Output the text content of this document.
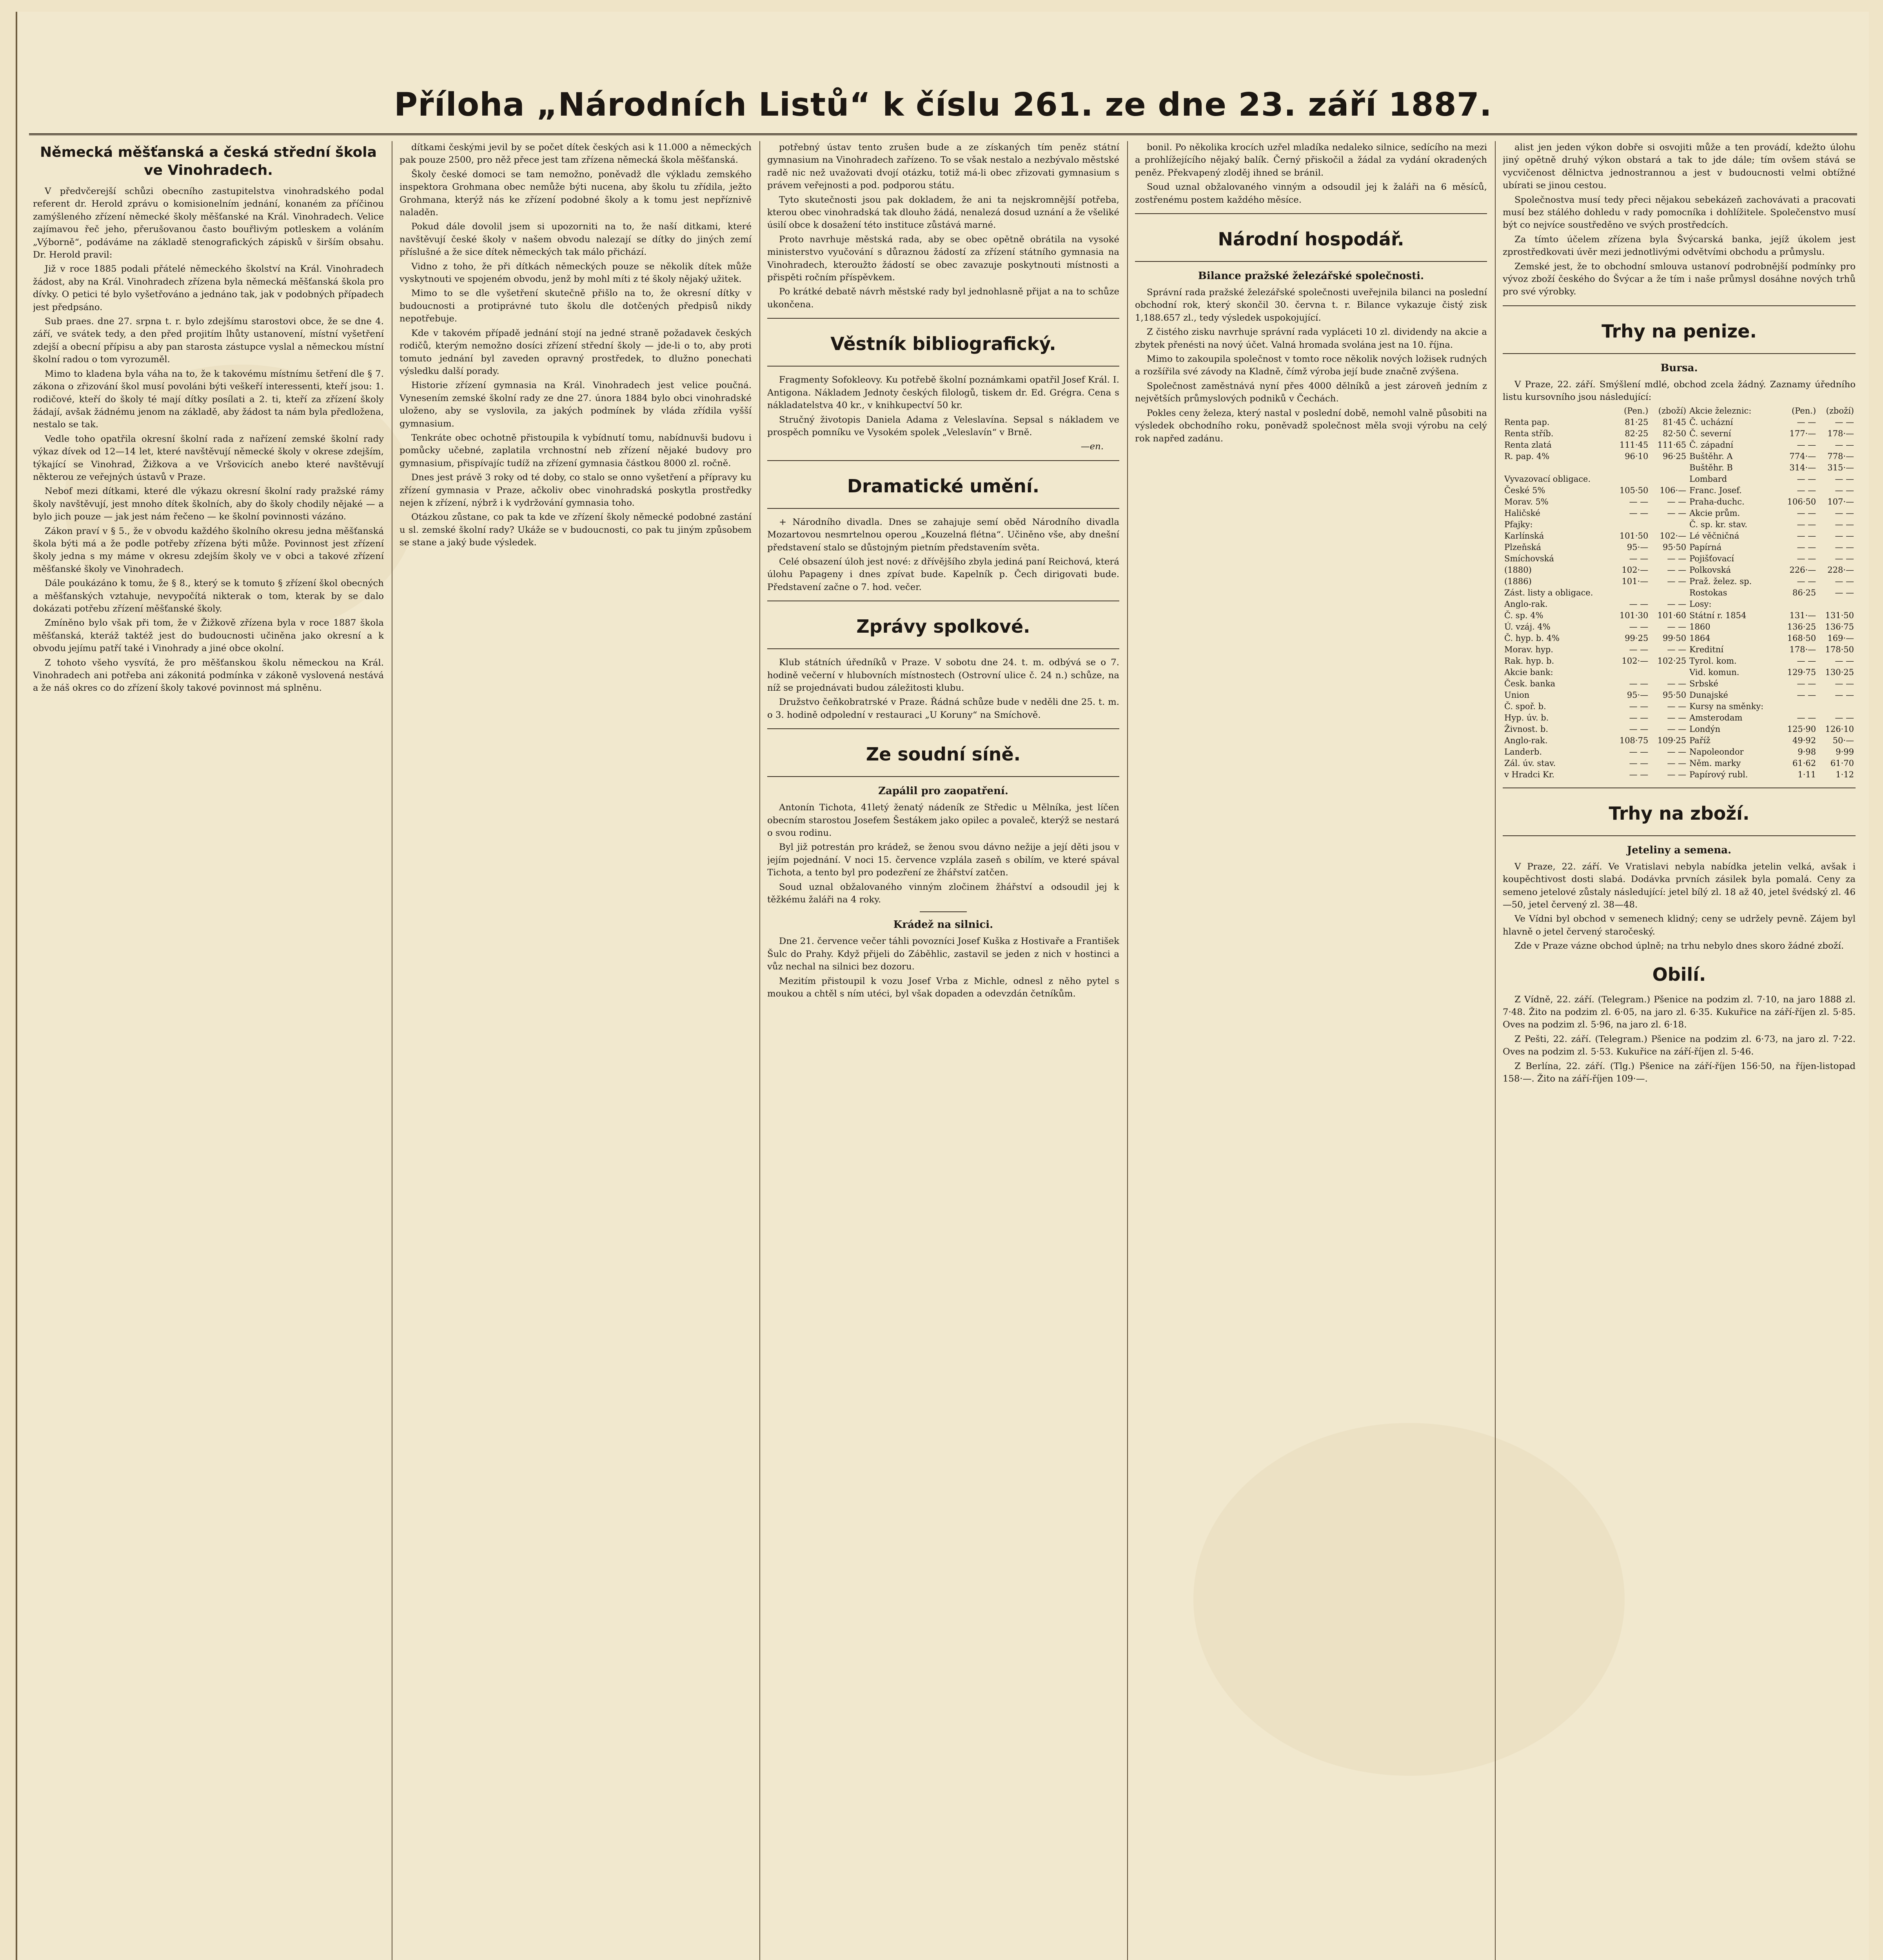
Příloha „Národních Listů“ k číslu 261. ze dne 23. září 1887.
Německá měšťanská a česká střední škola ve Vinohradech.

V předvčerejší schůzi obecního zastupitelstva vinohradského podal referent dr. Herold zprávu o komisionelním jednání, konaném za příčinou zamýšleného zřízení německé školy měšťanské na Král. Vinohradech. Velice zajímavou řeč jeho, přerušovanou často bouřlivým potleskem a voláním „Výborně“, podáváme na základě stenografických zápisků v širším obsahu. Dr. Herold pravil:

Již v roce 1885 podali přátelé německého školství na Král. Vinohradech žádost, aby na Král. Vinohradech zřízena byla německá měšťanská škola pro dívky. O petici té bylo vyšetřováno a jednáno tak, jak v podobných případech jest předpsáno.

Sub praes. dne 27. srpna t. r. bylo zdejšímu starostovi obce, že se dne 4. září, ve svátek tedy, a den před projitím lhůty ustanovení, místní vyšetření zdejší a obecní přípisu a aby pan starosta zástupce vyslal a německou místní školní radou o tom vyrozuměl.

Mimo to kladena byla váha na to, že k takovému místnímu šetření dle § 7. zákona o zřizování škol musí povoláni býti veškeří interessenti, kteří jsou: 1. rodičové, kteří do školy té mají dítky posílati a 2. ti, kteří za zřízení školy žádají, avšak žádnému jenom na základě, aby žádost ta nám byla předložena, nestalo se tak.

Vedle toho opatřila okresní školní rada z nařízení zemské školní rady výkaz dívek od 12—14 let, které navštěvují německé školy v okrese zdejším, týkající se Vinohrad, Žižkova a ve Vršovicích anebo které navštěvují některou ze veřejných ústavů v Praze.

Nebof mezi dítkami, které dle výkazu okresní školní rady pražské rámy školy navštěvují, jest mnoho dítek školních, aby do školy chodily nějaké — a bylo jich pouze — jak jest nám řečeno — ke školní povinnosti vázáno.

Zákon praví v § 5., že v obvodu každého školního okresu jedna měšťanská škola býti má a že podle potřeby zřízena býti může. Povinnost jest zřízení školy jedna s my máme v okresu zdejším školy ve v obci a takové zřízení měšťanské školy ve Vinohradech.

Dále poukázáno k tomu, že § 8., který se k tomuto § zřízení škol obecných a měšťanských vztahuje, nevypočítá nikterak o tom, kterak by se dalo dokázati potřebu zřízení měšťanské školy.

Zmíněno bylo však při tom, že v Žižkově zřízena byla v roce 1887 škola měšťanská, kteráž taktéž jest do budoucnosti učiněna jako okresní a k obvodu jejímu patří také i Vinohrady a jiné obce okolní.

Z tohoto všeho vysvítá, že pro měšťanskou školu německou na Král. Vinohradech ani potřeba ani zákonitá podmínka v zákoně vyslovená nestává a že náš okres co do zřízení školy takové povinnost má splněnu.

dítkami českými jevil by se počet dítek českých asi k 11.000 a německých pak pouze 2500, pro něž přece jest tam zřízena německá škola měšťanská.

Školy české domoci se tam nemožno, poněvadž dle výkladu zemského inspektora Grohmana obec nemůže býti nucena, aby školu tu zřídila, ježto Grohmana, kterýž nás ke zřízení podobné školy a k tomu jest nepříznivě naladěn.

Pokud dále dovolil jsem si upozorniti na to, že naší ditkami, které navštěvují české školy v našem obvodu nalezají se dítky do jiných zemí příslušné a že sice dítek německých tak málo přichází.

Vidno z toho, že při dítkách německých pouze se několik dítek může vyskytnouti ve spojeném obvodu, jenž by mohl míti z té školy nějaký užitek.

Mimo to se dle vyšetření skutečně přišlo na to, že okresní dítky v budoucnosti a protiprávné tuto školu dle dotčených předpisů nikdy nepotřebuje.

Kde v takovém případě jednání stojí na jedné straně požadavek českých rodičů, kterým nemožno dosíci zřízení střední školy — jde-li o to, aby proti tomuto jednání byl zaveden opravný prostředek, to dlužno ponechati výsledku další porady.

Historie zřízení gymnasia na Král. Vinohradech jest velice poučná. Vynesením zemské školní rady ze dne 27. února 1884 bylo obci vinohradské uloženo, aby se vyslovila, za jakých podmínek by vláda zřídila vyšší gymnasium.

Tenkráte obec ochotně přistoupila k vybídnutí tomu, nabídnuvši budovu i pomůcky učebné, zaplatila vrchnostní neb zřízení nějaké budovy pro gymnasium, přispívajíc tudíž na zřízení gymnasia částkou 8000 zl. ročně.

Dnes jest právě 3 roky od té doby, co stalo se onno vyšetření a přípravy ku zřízení gymnasia v Praze, ačkoliv obec vinohradská poskytla prostředky nejen k zřízení, nýbrž i k vydržování gymnasia toho.

Otázkou zůstane, co pak ta kde ve zřízení školy německé podobné zastání u sl. zemské školní rady? Ukáže se v budoucnosti, co pak tu jiným způsobem se stane a jaký bude výsledek.

potřebný ústav tento zrušen bude a ze získaných tím peněz státní gymnasium na Vinohradech zařízeno. To se však nestalo a nezbývalo městské radě nic než uvažovati dvojí otázku, totiž má-li obec zřizovati gymnasium s právem veřejnosti a pod. podporou státu.

Tyto skutečnosti jsou pak dokladem, že ani ta nejskromnější potřeba, kterou obec vinohradská tak dlouho žádá, nenalezá dosud uznání a že všeliké úsilí obce k dosažení této instituce zůstává marné.

Proto navrhuje městská rada, aby se obec opětně obrátila na vysoké ministerstvo vyučování s důraznou žádostí za zřízení státního gymnasia na Vinohradech, kteroužto žádostí se obec zavazuje poskytnouti místnosti a přispěti ročním příspěvkem.

Po krátké debatě návrh městské rady byl jednohlasně přijat a na to schůze ukončena.

Věstník bibliografický.

Fragmenty Sofokleovy. Ku potřebě školní poznámkami opatřil Josef Král. I. Antigona. Nákladem Jednoty českých filologů, tiskem dr. Ed. Grégra. Cena s nákladatelstva 40 kr., v knihkupectví 50 kr.

Stručný životopis Daniela Adama z Veleslavína. Sepsal s nákladem ve prospěch pomníku ve Vysokém spolek „Veleslavín“ v Brně.

—en.
Dramatické umění.

+ Národního divadla. Dnes se zahajuje semí oběd Národního divadla Mozartovou nesmrtelnou operou „Kouzelná flétna“. Učiněno vše, aby dnešní představení stalo se důstojným pietním představením světa.

Celé obsazení úloh jest nové: z dřívějšího zbyla jediná paní Reichová, která úlohu Papageny i dnes zpívat bude. Kapelník p. Čech dirigovati bude. Představení začne o 7. hod. večer.

Zprávy spolkové.

Klub státních úředníků v Praze. V sobotu dne 24. t. m. odbývá se o 7. hodině večerní v hlubovních místnostech (Ostrovní ulice č. 24 n.) schůze, na níž se projednávati budou záležitosti klubu.

Družstvo čeňkobratrské v Praze. Řádná schůze bude v neděli dne 25. t. m. o 3. hodině odpolední v restauraci „U Koruny“ na Smíchově.

Ze soudní síně.
Zapálil pro zaopatření.

Antonín Tichota, 41letý ženatý nádeník ze Středic u Mělníka, jest líčen obecním starostou Josefem Šestákem jako opilec a povaleč, kterýž se nestará o svou rodinu.

Byl již potrestán pro krádež, se ženou svou dávno nežije a její děti jsou v jejím pojednání. V noci 15. července vzplála zaseň s obilím, ve které spával Tichota, a tento byl pro podezření ze žhářství zatčen.

Soud uznal obžalovaného vinným zločinem žhářství a odsoudil jej k těžkému žaláři na 4 roky.

Krádež na silnici.

Dne 21. července večer táhli povozníci Josef Kuška z Hostivaře a František Šulc do Prahy. Když přijeli do Záběhlic, zastavil se jeden z nich v hostinci a vůz nechal na silnici bez dozoru.

Mezitím přistoupil k vozu Josef Vrba z Michle, odnesl z něho pytel s moukou a chtěl s ním utéci, byl však dopaden a odevzdán četníkům.

bonil. Po několika krocích uzřel mladíka nedaleko silnice, sedícího na mezi a prohlížejícího nějaký balík. Černý přiskočil a žádal za vydání okradených peněz. Překvapený zloděj ihned se bránil.

Soud uznal obžalovaného vinným a odsoudil jej k žaláři na 6 měsíců, zostřenému postem každého měsíce.

Národní hospodář.
Bilance pražské železářské společnosti.

Správní rada pražské železářské společnosti uveřejnila bilanci na poslední obchodní rok, který skončil 30. června t. r. Bilance vykazuje čistý zisk 1,188.657 zl., tedy výsledek uspokojující.

Z čistého zisku navrhuje správní rada vypláceti 10 zl. dividendy na akcie a zbytek přenésti na nový účet. Valná hromada svolána jest na 10. října.

Mimo to zakoupila společnost v tomto roce několik nových ložisek rudných a rozšířila své závody na Kladně, čímž výroba její bude značně zvýšena.

Společnost zaměstnává nyní přes 4000 dělníků a jest zároveň jedním z největších průmyslových podniků v Čechách.

Pokles ceny železa, který nastal v poslední době, nemohl valně působiti na výsledek obchodního roku, poněvadž společnost měla svoji výrobu na celý rok napřed zadánu.

alist jen jeden výkon dobře si osvojiti může a ten provádí, kdežto úlohu jiný opětně druhý výkon obstará a tak to jde dále; tím ovšem stává se vycvičenost dělnictva jednostrannou a jest v budoucnosti velmi obtížné ubírati se jinou cestou.

Společnostva musí tedy přeci nějakou sebekázeň zachovávati a pracovati musí bez stálého dohledu v rady pomocníka i dohlížitele. Společenstvo musí být co nejvíce soustředěno ve svých prostředcích.

Za tímto účelem zřízena byla Švýcarská banka, jejíž úkolem jest zprostředkovati úvěr mezi jednotlivými odvětvími obchodu a průmyslu.

Zemské jest, že to obchodní smlouva ustanoví podrobnější podmínky pro vývoz zboží českého do Švýcar a že tím i naše průmysl dosáhne nových trhů pro své výrobky.

Trhy na penize.
Bursa.

V Praze, 22. září. Smýšlení mdlé, obchod zcela žádný. Zaznamy úředního listu kursovního jsou následující:

	(Pen.)	(zboží)	Akcie železnic:	(Pen.)	(zboží)
Renta pap.	81·25	81·45	Č. ucházní	— —	— —
Renta stříb.	82·25	82·50	Č. severní	177·—	178·—
Renta zlatá	111·45	111·65	Č. západní	— —	— —
R. pap. 4%	96·10	96·25	Buštěhr. A	774·—	778·—
			Buštěhr. B	314·—	315·—
Vyvazovací obligace.			Lombard	— —	— —
České 5%	105·50	106·—	Franc. Josef.	— —	— —
Morav. 5%	— —	— —	Praha-duchc.	106·50	107·—
Haličské	— —	— —	Akcie prům.	— —	— —
Pfajky:			Č. sp. kr. stav.	— —	— —
Karlínská	101·50	102·—	Lé věčničná	— —	— —
Plzeňská	95·—	95·50	Papírná	— —	— —
Smíchovská	— —	— —	Pojišťovací	— —	— —
(1880)	102·—	— —	Polkovská	226·—	228·—
(1886)	101·—	— —	Praž. želez. sp.	— —	— —
Zást. listy a obligace.			Rostokas	86·25	— —
Anglo-rak.	— —	— —	Losy:		
Č. sp. 4%	101·30	101·60	Státní r. 1854	131·—	131·50
Ú. vzáj. 4%	— —	— —	1860	136·25	136·75
Č. hyp. b. 4%	99·25	99·50	1864	168·50	169·—
Morav. hyp.	— —	— —	Kreditní	178·—	178·50
Rak. hyp. b.	102·—	102·25	Tyrol. kom.	— —	— —
Akcie bank:			Vid. komun.	129·75	130·25
Česk. banka	— —	— —	Srbské	— —	— —
Union	95·—	95·50	Dunajské	— —	— —
Č. spoř. b.	— —	— —	Kursy na směnky:		
Hyp. úv. b.	— —	— —	Amsterodam	— —	— —
Živnost. b.	— —	— —	Londýn	125·90	126·10
Anglo-rak.	108·75	109·25	Paříž	49·92	50·—
Landerb.	— —	— —	Napoleondor	9·98	9·99
Zál. úv. stav.	— —	— —	Něm. marky	61·62	61·70
v Hradci Kr.	— —	— —	Papírový rubl.	1·11	1·12
Trhy na zboží.
Jeteliny a semena.

V Praze, 22. září. Ve Vratislavi nebyla nabídka jetelin velká, avšak i koupěchtivost dosti slabá. Dodávka prvních zásilek byla pomalá. Ceny za semeno jetelové zůstaly následující: jetel bílý zl. 18 až 40, jetel švédský zl. 46—50, jetel červený zl. 38—48.

Ve Vídni byl obchod v semenech klidný; ceny se udržely pevně. Zájem byl hlavně o jetel červený staročeský.

Zde v Praze vázne obchod úplně; na trhu nebylo dnes skoro žádné zboží.

Obilí.

Z Vídně, 22. září. (Telegram.) Pšenice na podzim zl. 7·10, na jaro 1888 zl. 7·48. Žito na podzim zl. 6·05, na jaro zl. 6·35. Kukuřice na září-říjen zl. 5·85. Oves na podzim zl. 5·96, na jaro zl. 6·18.

Z Pešti, 22. září. (Telegram.) Pšenice na podzim zl. 6·73, na jaro zl. 7·22. Oves na podzim zl. 5·53. Kukuřice na září-říjen zl. 5·46.

Z Berlína, 22. září. (Tlg.) Pšenice na září-říjen 156·50, na říjen-listopad 158·—. Žito na září-říjen 109·—.
